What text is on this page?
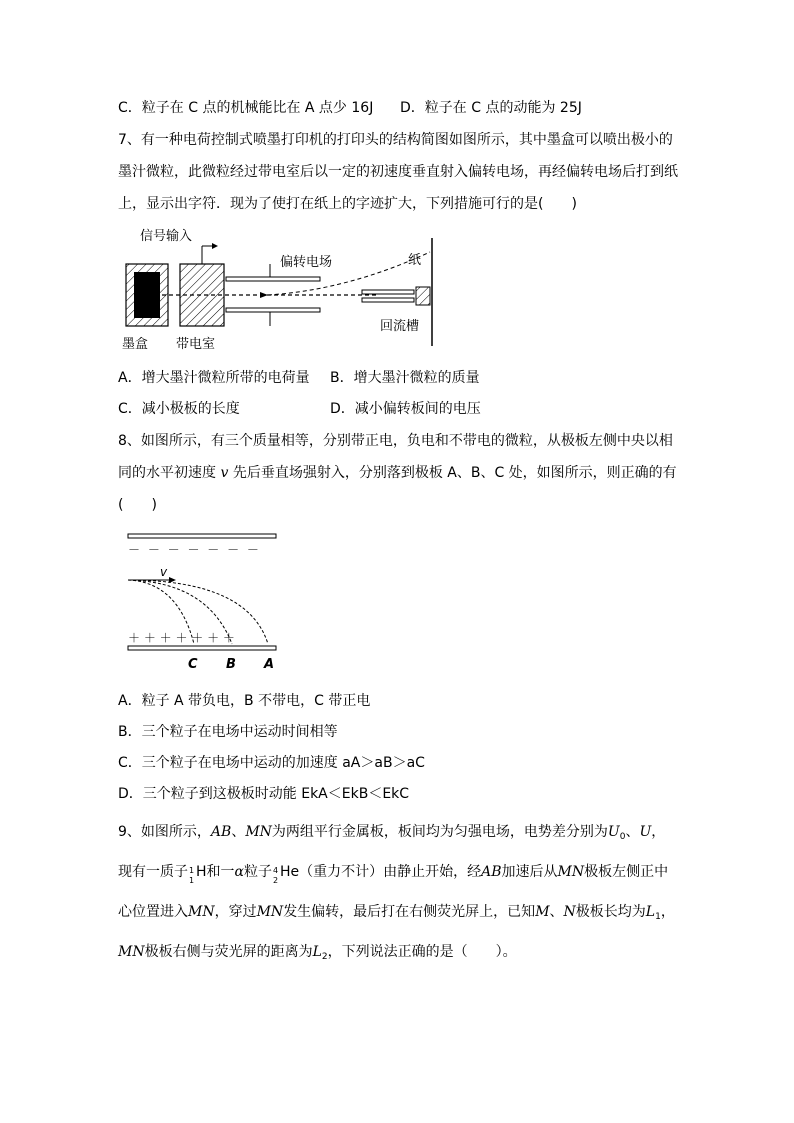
C．粒子在 C 点的机械能比在 A 点少 16J D．粒子在 C 点的动能为 25J
7、有一种电荷控制式喷墨打印机的打印头的结构简图如图所示，其中墨盒可以喷出极小的
墨汁微粒，此微粒经过带电室后以一定的初速度垂直射入偏转电场，再经偏转电场后打到纸
上，显示出字符．现为了使打在纸上的字迹扩大，下列措施可行的是(　　)
信号输入
偏转电场
回流槽
纸
墨盒 带电室
A．增大墨汁微粒所带的电荷量 B．增大墨汁微粒的质量
C．减小极板的长度	D．减小偏转板间的电压
8、如图所示，有三个质量相等，分别带正电，负电和不带电的微粒，从极板左侧中央以相
同的水平初速度 v 先后垂直场强射入，分别落到极板 A、B、C 处，如图所示，则正确的有
(　　)
－ － － － － － －
v
＋ ＋ ＋ ＋ ＋ ＋ ＋
C B A
A．粒子 A 带负电，B 不带电，C 带正电
B．三个粒子在电场中运动时间相等
C．三个粒子在电场中运动的加速度 aA＞aB＞aC
D．三个粒子到这极板时动能 EkA＜EkB＜EkC
9、如图所示，AB、MN为两组平行金属板，板间均为匀强电场，电势差分别为$U_0$、U，
现有一质子 1
1
H和一α粒子 4
2
He（重力不计）由静止开始，经AB加速后从MN极板左侧正中
心位置进入MN，穿过MN发生偏转，最后打在右侧荧光屏上，已知M、N极板长均为$L_1$，
MN极板右侧与荧光屏的距离为$L_2$，下列说法正确的是（　　）。
